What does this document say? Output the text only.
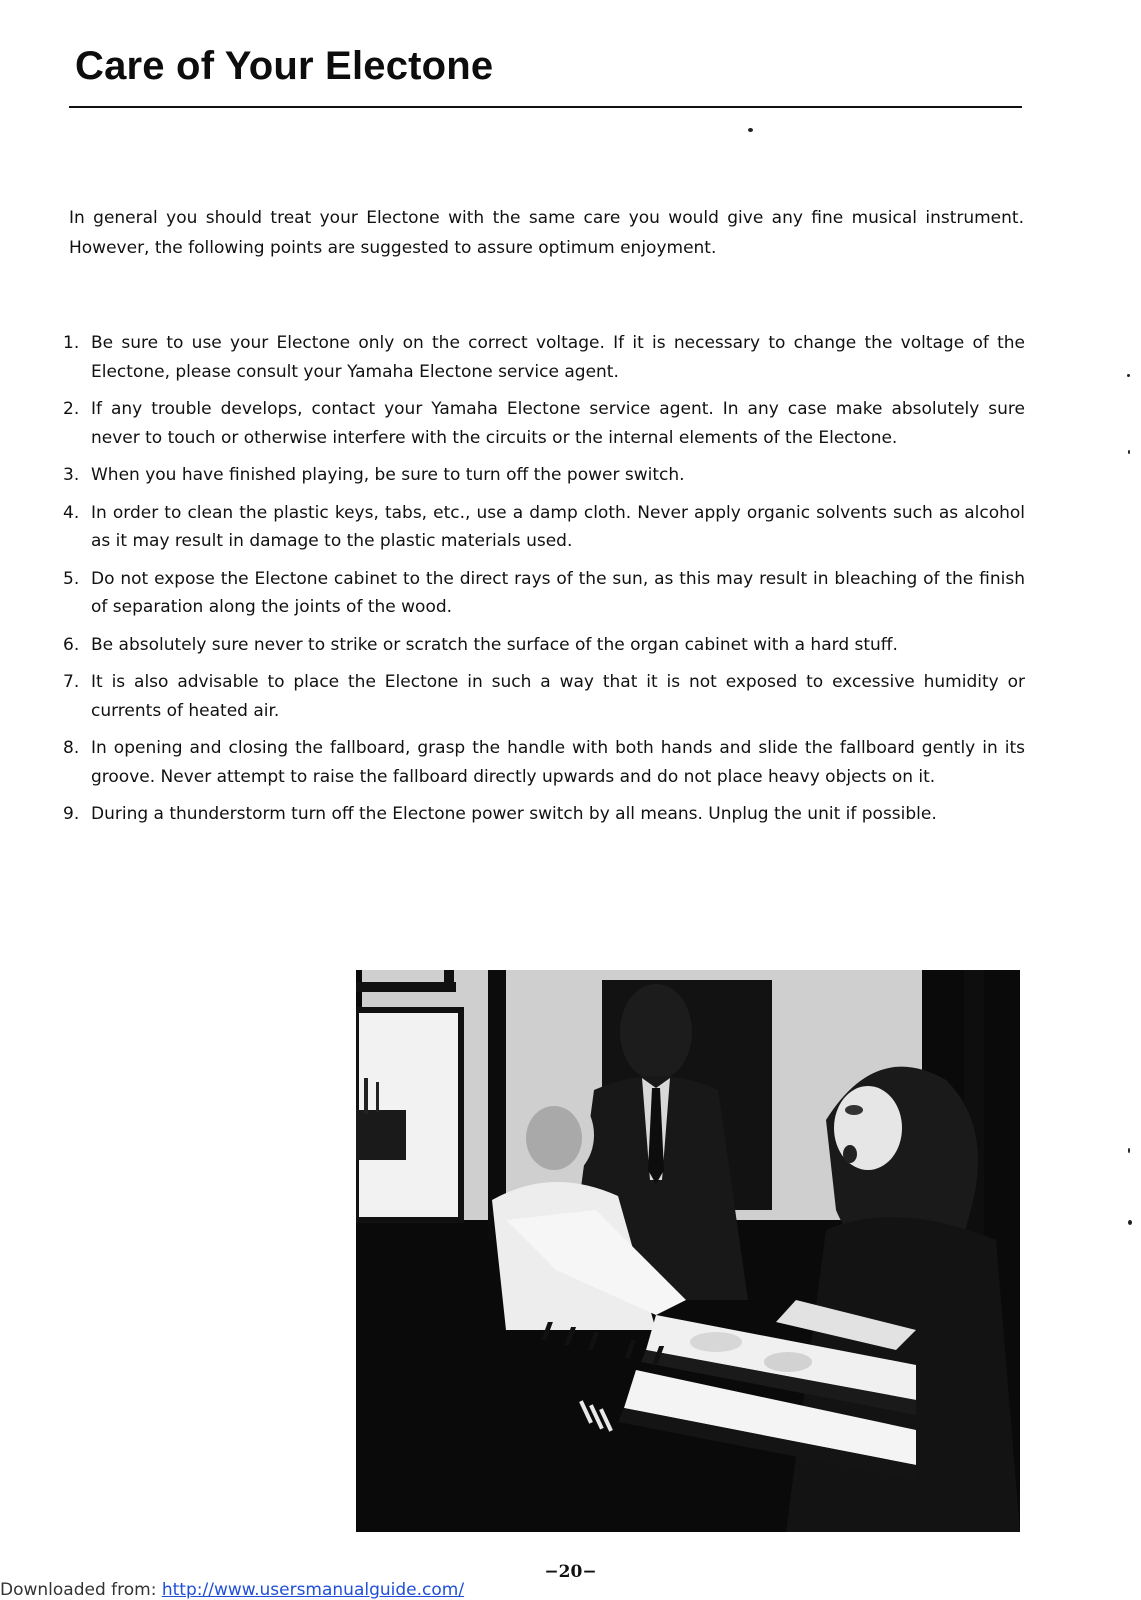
Care of Your Electone

In general you should treat your Electone with the same care you would give any fine musical instrument. However, the following points are suggested to assure optimum enjoyment.

1. Be sure to use your Electone only on the correct voltage. If it is necessary to change the voltage of the Electone, please consult your Yamaha Electone service agent.
2. If any trouble develops, contact your Yamaha Electone service agent. In any case make absolutely sure never to touch or otherwise interfere with the circuits or the internal elements of the Electone.
3. When you have finished playing, be sure to turn off the power switch.
4. In order to clean the plastic keys, tabs, etc., use a damp cloth. Never apply organic solvents such as alcohol as it may result in damage to the plastic materials used.
5. Do not expose the Electone cabinet to the direct rays of the sun, as this may result in bleaching of the finish of separation along the joints of the wood.
6. Be absolutely sure never to strike or scratch the surface of the organ cabinet with a hard stuff.
7. It is also advisable to place the Electone in such a way that it is not exposed to excessive humidity or currents of heated air.
8. In opening and closing the fallboard, grasp the handle with both hands and slide the fallboard gently in its groove. Never attempt to raise the fallboard directly upwards and do not place heavy objects on it.
9. During a thunderstorm turn off the Electone power switch by all means. Unplug the unit if possible.
−20−
Downloaded from: http://www.usersmanualguide.com/
